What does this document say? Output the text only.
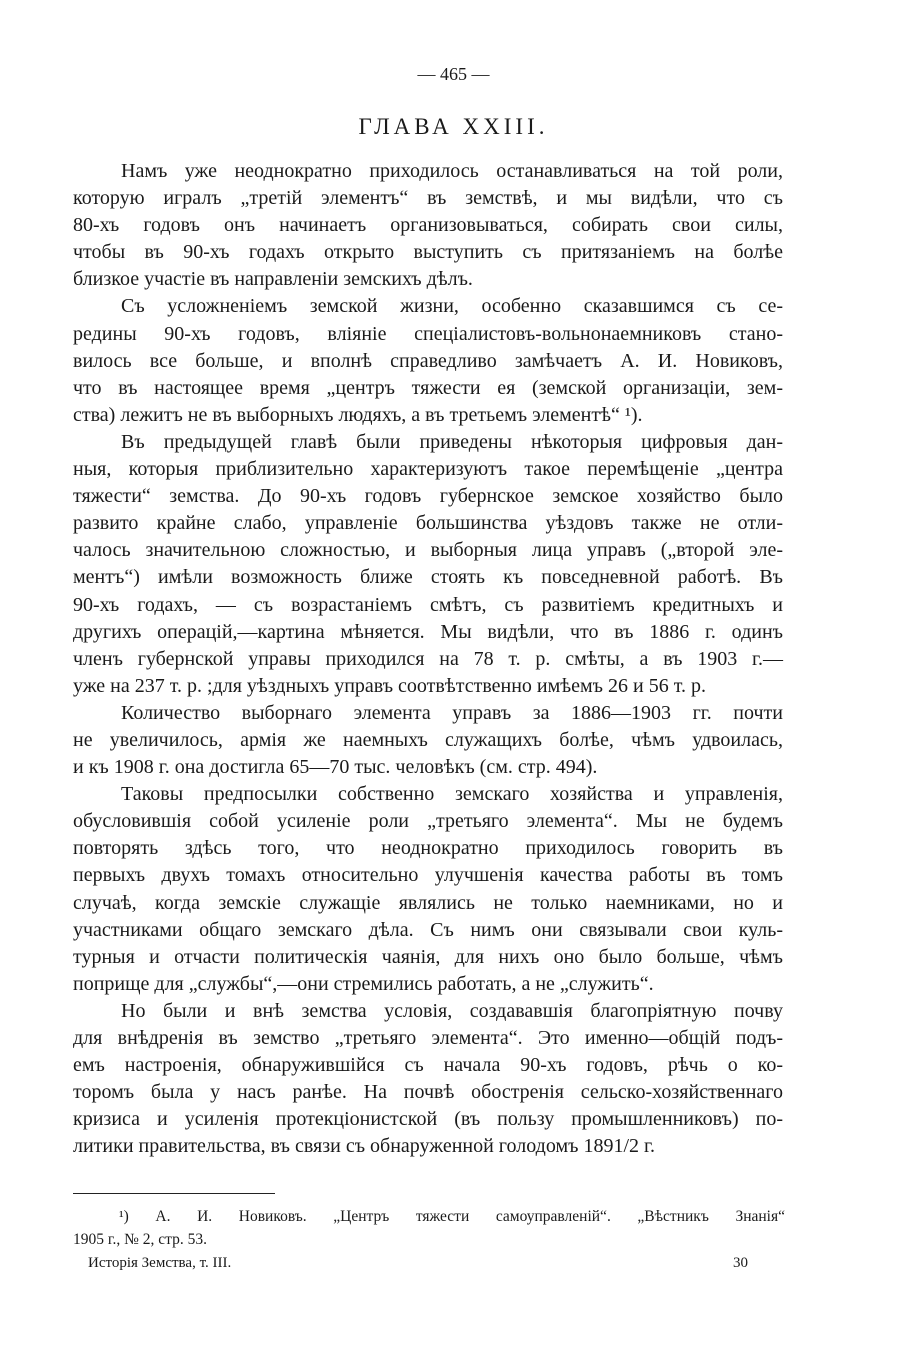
— 465 —
ГЛАВА XXIII.
Намъ уже неоднократно приходилось останавливаться на той роли,
которую игралъ „третій элементъ“ въ земствѣ, и мы видѣли, что съ
80-хъ годовъ онъ начинаетъ организовываться, собирать свои силы,
чтобы въ 90-хъ годахъ открыто выступить съ притязаніемъ на болѣе
близкое участіе въ направленіи земскихъ дѣлъ.
Съ усложненіемъ земской жизни, особенно сказавшимся съ се-
редины 90-хъ годовъ, вліяніе спеціалистовъ-вольнонаемниковъ стано-
вилось все больше, и вполнѣ справедливо замѣчаетъ А. И. Новиковъ,
что въ настоящее время „центръ тяжести ея (земской организаціи, зем-
ства) лежитъ не въ выборныхъ людяхъ, а въ третьемъ элементѣ“ ¹).
Въ предыдущей главѣ были приведены нѣкоторыя цифровыя дан-
ныя, которыя приблизительно характеризуютъ такое перемѣщеніе „центра
тяжести“ земства. До 90-хъ годовъ губернское земское хозяйство было
развито крайне слабо, управленіе большинства уѣздовъ также не отли-
чалось значительною сложностью, и выборныя лица управъ („второй эле-
ментъ“) имѣли возможность ближе стоять къ повседневной работѣ. Въ
90-хъ годахъ, — съ возрастаніемъ смѣтъ, съ развитіемъ кредитныхъ и
другихъ операцій,—картина мѣняется. Мы видѣли, что въ 1886 г. одинъ
членъ губернской управы приходился на 78 т. р. смѣты, а въ 1903 г.—
уже на 237 т. р. ;для уѣздныхъ управъ соотвѣтственно имѣемъ 26 и 56 т. р.
Количество выборнаго элемента управъ за 1886—1903 гг. почти
не увеличилось, армія же наемныхъ служащихъ болѣе, чѣмъ удвоилась,
и къ 1908 г. она достигла 65—70 тыс. человѣкъ (см. стр. 494).
Таковы предпосылки собственно земскаго хозяйства и управленія,
обусловившія собой усиленіе роли „третьяго элемента“. Мы не будемъ
повторять здѣсь того, что неоднократно приходилось говорить въ
первыхъ двухъ томахъ относительно улучшенія качества работы въ томъ
случаѣ, когда земскіе служащіе являлись не только наемниками, но и
участниками общаго земскаго дѣла. Съ нимъ они связывали свои куль-
турныя и отчасти политическія чаянія, для нихъ оно было больше, чѣмъ
поприще для „службы“,—они стремились работать, а не „служить“.
Но были и внѣ земства условія, создававшія благопріятную почву
для внѣдренія въ земство „третьяго элемента“. Это именно—общій подъ-
емъ настроенія, обнаружившійся съ начала 90-хъ годовъ, рѣчь о ко-
торомъ была у насъ ранѣе. На почвѣ обостренія сельско-хозяйственнаго
кризиса и усиленія протекціонистской (въ пользу промышленниковъ) по-
литики правительства, въ связи съ обнаруженной голодомъ 1891/2 г.
¹) А. И. Новиковъ. „Центръ тяжести самоуправленій“. „Вѣстникъ Знанія“
1905 г., № 2, стр. 53.
Исторія Земства, т. III.	30
